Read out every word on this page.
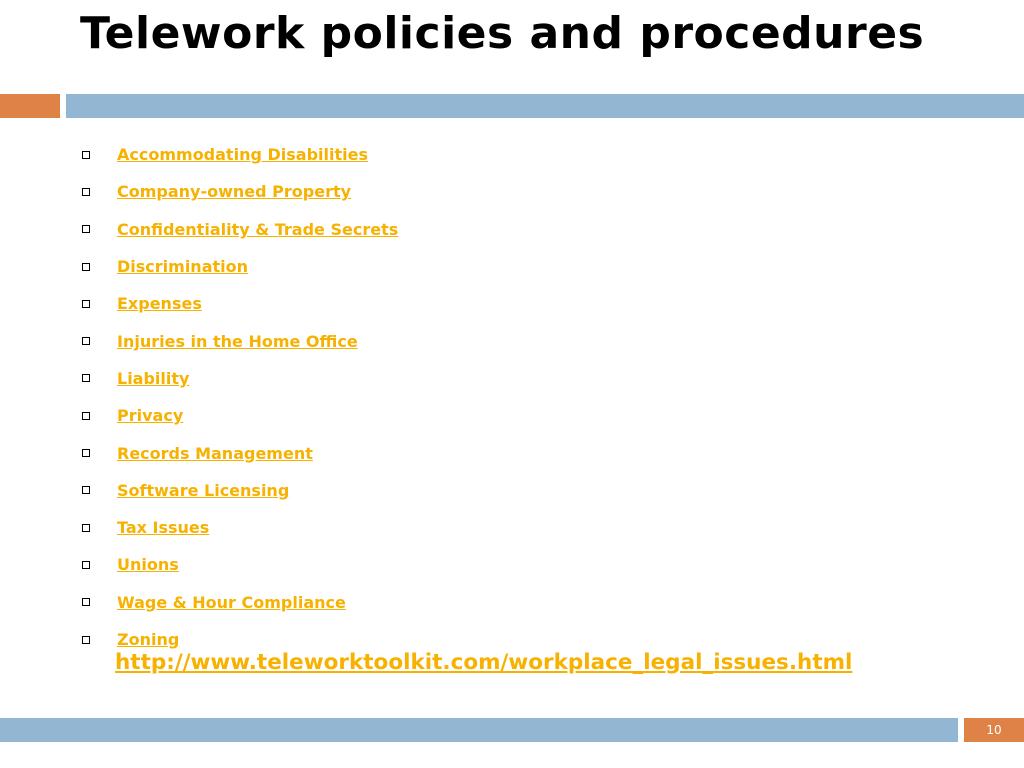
Telework policies and procedures
Accommodating Disabilities
Company-owned Property
Confidentiality & Trade Secrets
Discrimination
Expenses
Injuries in the Home Office
Liability
Privacy
Records Management
Software Licensing
Tax Issues
Unions
Wage & Hour Compliance
Zoning
http://www.teleworktoolkit.com/workplace_legal_issues.html
10
